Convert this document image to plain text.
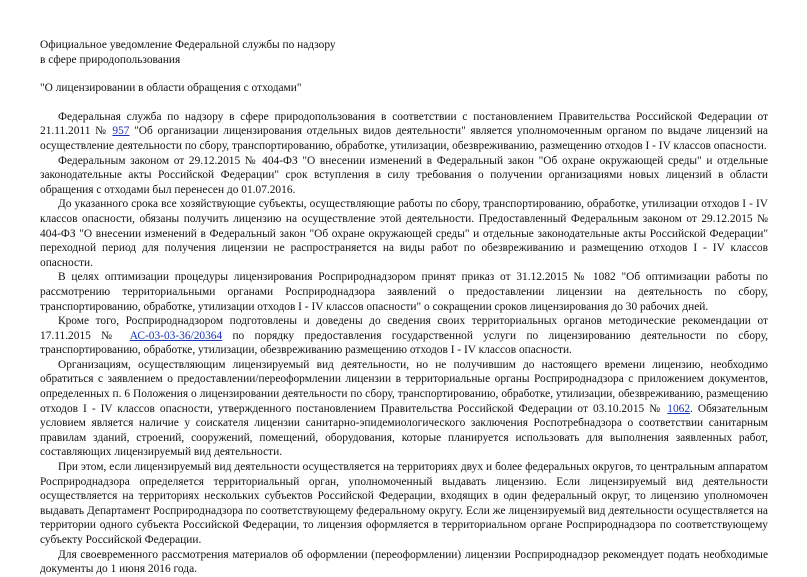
Официальное уведомление Федеральной службы по надзору
в сфере природопользования
"О лицензировании в области обращения с отходами"

Федеральная служба по надзору в сфере природопользования в соответствии с постановлением Правительства Российской Федерации от 21.11.2011 № 957 "Об организации лицензирования отдельных видов деятельности" является уполномоченным органом по выдаче лицензий на осуществление деятельности по сбору, транспортированию, обработке, утилизации, обезвреживанию, размещению отходов I - IV классов опасности.

Федеральным законом от 29.12.2015 № 404-ФЗ "О внесении изменений в Федеральный закон "Об охране окружающей среды" и отдельные законодательные акты Российской Федерации" срок вступления в силу требования о получении организациями новых лицензий в области обращения с отходами был перенесен до 01.07.2016.

До указанного срока все хозяйствующие субъекты, осуществляющие работы по сбору, транспортированию, обработке, утилизации отходов I - IV классов опасности, обязаны получить лицензию на осуществление этой деятельности. Предоставленный Федеральным законом от 29.12.2015 № 404-ФЗ "О внесении изменений в Федеральный закон "Об охране окружающей среды" и отдельные законодательные акты Российской Федерации" переходной период для получения лицензии не распространяется на виды работ по обезвреживанию и размещению отходов I - IV классов опасности.

В целях оптимизации процедуры лицензирования Росприроднадзором принят приказ от 31.12.2015 № 1082 "Об оптимизации работы по рассмотрению территориальными органами Росприроднадзора заявлений о предоставлении лицензии на деятельность по сбору, транспортированию, обработке, утилизации отходов I - IV классов опасности" о сокращении сроков лицензирования до 30 рабочих дней.

Кроме того, Росприроднадзором подготовлены и доведены до сведения своих территориальных органов методические рекомендации от 17.11.2015 № АС-03-03-36/20364 по порядку предоставления государственной услуги по лицензированию деятельности по сбору, транспортированию, обработке, утилизации, обезвреживанию размещению отходов I - IV классов опасности.

Организациям, осуществляющим лицензируемый вид деятельности, но не получившим до настоящего времени лицензию, необходимо обратиться с заявлением о предоставлении/переоформлении лицензии в территориальные органы Росприроднадзора с приложением документов, определенных п. 6 Положения о лицензировании деятельности по сбору, транспортированию, обработке, утилизации, обезвреживанию, размещению отходов I - IV классов опасности, утвержденного постановлением Правительства Российской Федерации от 03.10.2015 № 1062. Обязательным условием является наличие у соискателя лицензии санитарно-эпидемиологического заключения Роспотребнадзора о соответствии санитарным правилам зданий, строений, сооружений, помещений, оборудования, которые планируется использовать для выполнения заявленных работ, составляющих лицензируемый вид деятельности.

При этом, если лицензируемый вид деятельности осуществляется на территориях двух и более федеральных округов, то центральным аппаратом Росприроднадзора определяется территориальный орган, уполномоченный выдавать лицензию. Если лицензируемый вид деятельности осуществляется на территориях нескольких субъектов Российской Федерации, входящих в один федеральный округ, то лицензию уполномочен выдавать Департамент Росприроднадзора по соответствующему федеральному округу. Если же лицензируемый вид деятельности осуществляется на территории одного субъекта Российской Федерации, то лицензия оформляется в территориальном органе Росприроднадзора по соответствующему субъекту Российской Федерации.

Для своевременного рассмотрения материалов об оформлении (переоформлении) лицензии Росприроднадзор рекомендует подать необходимые документы до 1 июня 2016 года.
